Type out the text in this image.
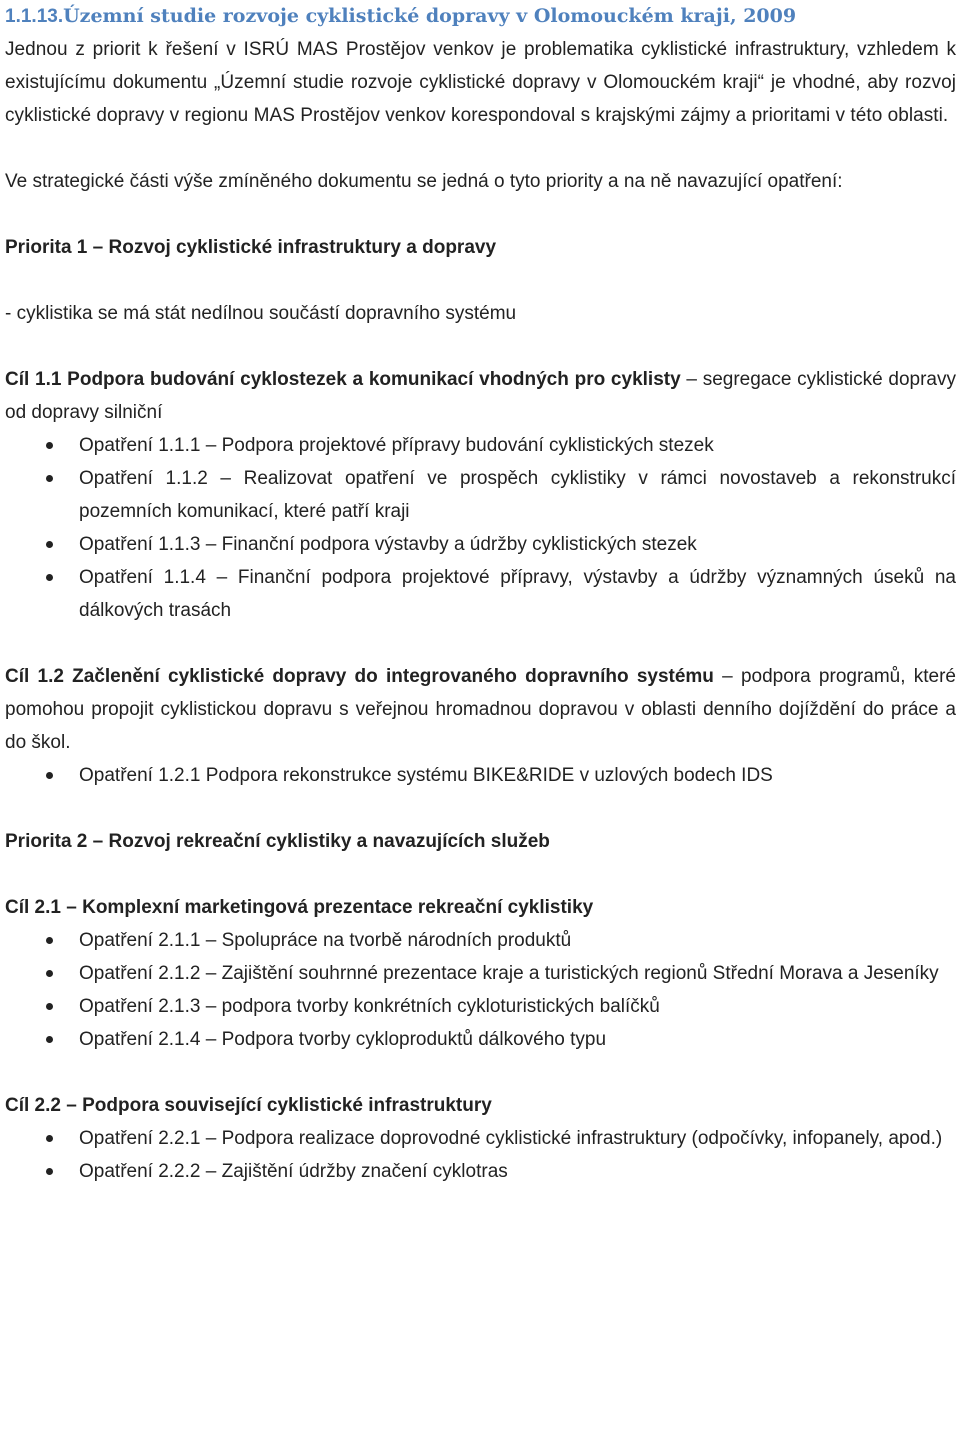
1.1.13.Územní studie rozvoje cyklistické dopravy v Olomouckém kraji, 2009

Jednou z priorit k řešení v ISRÚ MAS Prostějov venkov je problematika cyklistické infrastruktury, vzhledem k existujícímu dokumentu „Územní studie rozvoje cyklistické dopravy v Olomouckém kraji“ je vhodné, aby rozvoj cyklistické dopravy v regionu MAS Prostějov venkov korespondoval s krajskými zájmy a prioritami v této oblasti.

Ve strategické části výše zmíněného dokumentu se jedná o tyto priority a na ně navazující opatření:

Priorita 1 – Rozvoj cyklistické infrastruktury a dopravy

- cyklistika se má stát nedílnou součástí dopravního systému

Cíl 1.1 Podpora budování cyklostezek a komunikací vhodných pro cyklisty – segregace cyklistické dopravy od dopravy silniční

Opatření 1.1.1 – Podpora projektové přípravy budování cyklistických stezek
Opatření 1.1.2 – Realizovat opatření ve prospěch cyklistiky v rámci novostaveb a rekonstrukcí pozemních komunikací, které patří kraji
Opatření 1.1.3 – Finanční podpora výstavby a údržby cyklistických stezek
Opatření 1.1.4 – Finanční podpora projektové přípravy, výstavby a údržby významných úseků na dálkových trasách

Cíl 1.2 Začlenění cyklistické dopravy do integrovaného dopravního systému – podpora programů, které pomohou propojit cyklistickou dopravu s veřejnou hromadnou dopravou v oblasti denního dojíždění do práce a do škol.

Opatření 1.2.1 Podpora rekonstrukce systému BIKE&RIDE v uzlových bodech IDS

Priorita 2 – Rozvoj rekreační cyklistiky a navazujících služeb

Cíl 2.1 – Komplexní marketingová prezentace rekreační cyklistiky

Opatření 2.1.1 – Spolupráce na tvorbě národních produktů
Opatření 2.1.2 – Zajištění souhrnné prezentace kraje a turistických regionů Střední Morava a Jeseníky
Opatření 2.1.3 – podpora tvorby konkrétních cykloturistických balíčků
Opatření 2.1.4 – Podpora tvorby cykloproduktů dálkového typu

Cíl 2.2 – Podpora související cyklistické infrastruktury

Opatření 2.2.1 – Podpora realizace doprovodné cyklistické infrastruktury (odpočívky, infopanely, apod.)
Opatření 2.2.2 – Zajištění údržby značení cyklotras
